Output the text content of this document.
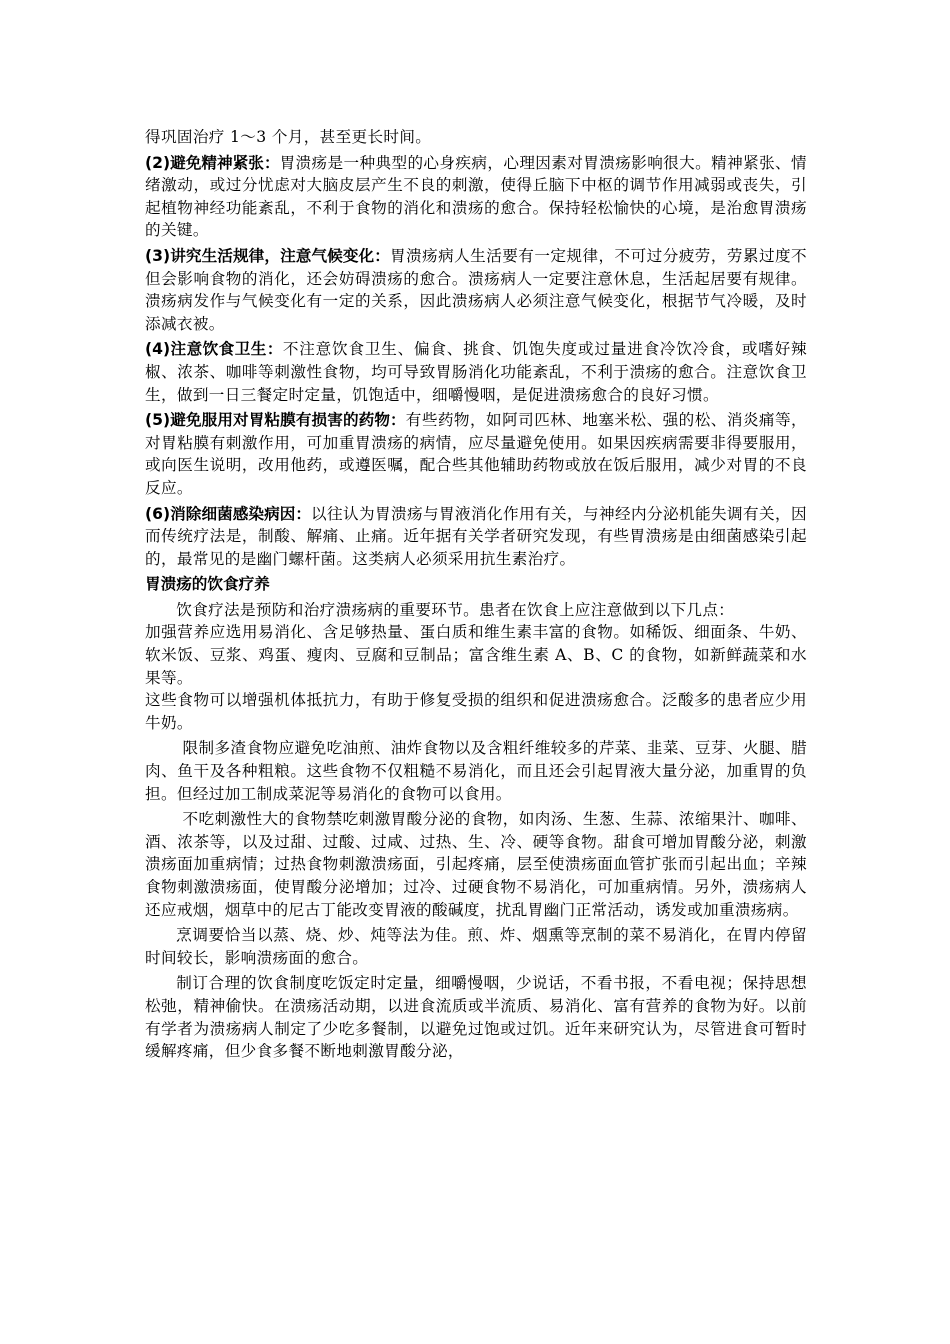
得巩固治疗 1～3 个月，甚至更长时间。

(2)避免精神紧张：胃溃疡是一种典型的心身疾病，心理因素对胃溃疡影响很大。精神紧张、情绪激动，或过分忧虑对大脑皮层产生不良的刺激，使得丘脑下中枢的调节作用减弱或丧失，引起植物神经功能紊乱，不利于食物的消化和溃疡的愈合。保持轻松愉快的心境，是治愈胃溃疡的关键。

(3)讲究生活规律，注意气候变化：胃溃疡病人生活要有一定规律，不可过分疲劳，劳累过度不但会影响食物的消化，还会妨碍溃疡的愈合。溃疡病人一定要注意休息，生活起居要有规律。溃疡病发作与气候变化有一定的关系，因此溃疡病人必须注意气候变化，根据节气冷暖，及时添减衣被。

(4)注意饮食卫生：不注意饮食卫生、偏食、挑食、饥饱失度或过量进食冷饮冷食，或嗜好辣椒、浓茶、咖啡等刺激性食物，均可导致胃肠消化功能紊乱，不利于溃疡的愈合。注意饮食卫生，做到一日三餐定时定量，饥饱适中，细嚼慢咽，是促进溃疡愈合的良好习惯。

(5)避免服用对胃粘膜有损害的药物：有些药物，如阿司匹林、地塞米松、强的松、消炎痛等，对胃粘膜有刺激作用，可加重胃溃疡的病情，应尽量避免使用。如果因疾病需要非得要服用，或向医生说明，改用他药，或遵医嘱，配合些其他辅助药物或放在饭后服用，减少对胃的不良反应。

(6)消除细菌感染病因：以往认为胃溃疡与胃液消化作用有关，与神经内分泌机能失调有关，因而传统疗法是，制酸、解痛、止痛。近年据有关学者研究发现，有些胃溃疡是由细菌感染引起的，最常见的是幽门螺杆菌。这类病人必须采用抗生素治疗。

胃溃疡的饮食疗养

饮食疗法是预防和治疗溃疡病的重要环节。患者在饮食上应注意做到以下几点：

加强营养应选用易消化、含足够热量、蛋白质和维生素丰富的食物。如稀饭、细面条、牛奶、软米饭、豆浆、鸡蛋、瘦肉、豆腐和豆制品；富含维生素 A、B、C 的食物，如新鲜蔬菜和水果等。

这些食物可以增强机体抵抗力，有助于修复受损的组织和促进溃疡愈合。泛酸多的患者应少用牛奶。

限制多渣食物应避免吃油煎、油炸食物以及含粗纤维较多的芹菜、韭菜、豆芽、火腿、腊肉、鱼干及各种粗粮。这些食物不仅粗糙不易消化，而且还会引起胃液大量分泌，加重胃的负担。但经过加工制成菜泥等易消化的食物可以食用。

不吃刺激性大的食物禁吃刺激胃酸分泌的食物，如肉汤、生葱、生蒜、浓缩果汁、咖啡、酒、浓茶等，以及过甜、过酸、过咸、过热、生、冷、硬等食物。甜食可增加胃酸分泌，刺激溃疡面加重病情；过热食物刺激溃疡面，引起疼痛，层至使溃疡面血管扩张而引起出血；辛辣食物刺激溃疡面，使胃酸分泌增加；过冷、过硬食物不易消化，可加重病情。另外，溃疡病人还应戒烟，烟草中的尼古丁能改变胃液的酸碱度，扰乱胃幽门正常活动，诱发或加重溃疡病。

烹调要恰当以蒸、烧、炒、炖等法为佳。煎、炸、烟熏等烹制的菜不易消化，在胃内停留时间较长，影响溃疡面的愈合。

制订合理的饮食制度吃饭定时定量，细嚼慢咽，少说话，不看书报，不看电视；保持思想松弛，精神偷快。在溃疡活动期，以进食流质或半流质、易消化、富有营养的食物为好。以前有学者为溃疡病人制定了少吃多餐制，以避免过饱或过饥。近年来研究认为，尽管进食可暂时缓解疼痛，但少食多餐不断地刺激胃酸分泌，
